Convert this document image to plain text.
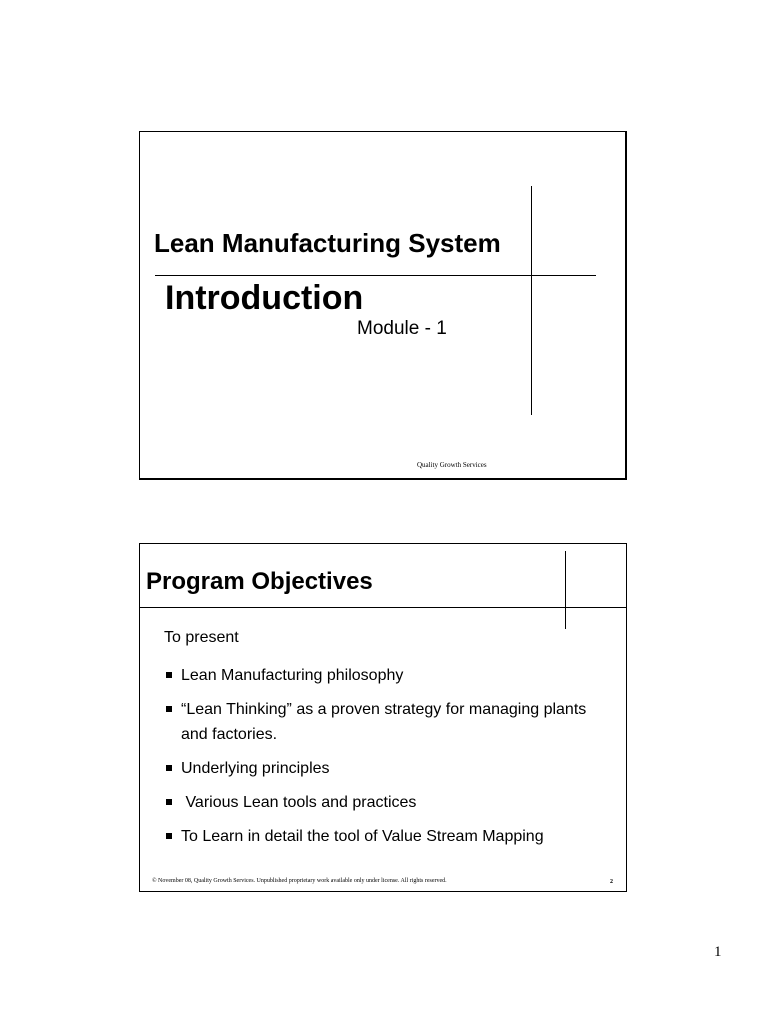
Lean Manufacturing System
Introduction
Module - 1
Quality Growth Services
Program Objectives
To present
Lean Manufacturing philosophy
“Lean Thinking” as a proven strategy for managing plants and factories.
Underlying principles
Various Lean tools and practices
To Learn in detail the tool of Value Stream Mapping
© November 08, Quality Growth Services. Unpublished proprietary work available only under license. All rights reserved.	2
1
